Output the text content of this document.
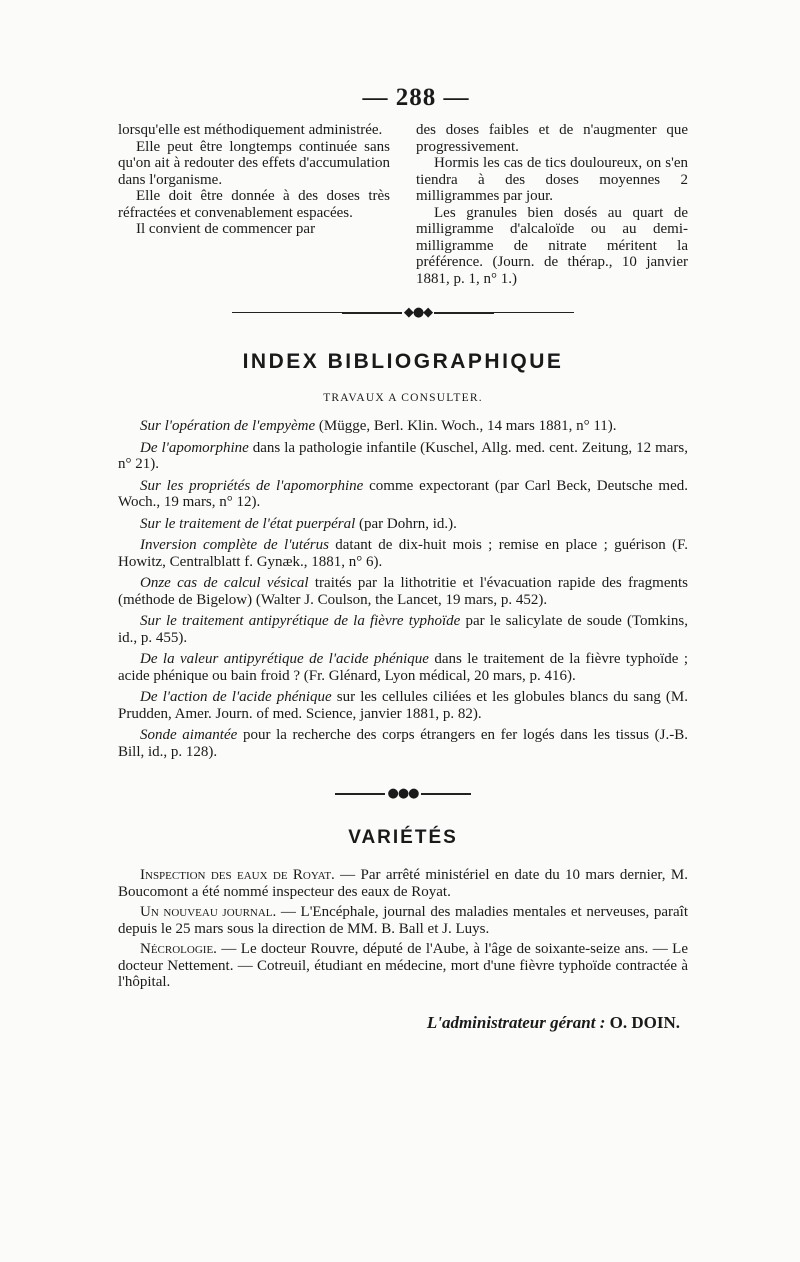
— 288 —

lorsqu'elle est méthodiquement administrée.

Elle peut être longtemps continuée sans qu'on ait à redouter des effets d'accumulation dans l'organisme.

Elle doit être donnée à des doses très réfractées et convenablement espacées.

Il convient de commencer par

des doses faibles et de n'augmenter que progressivement.

Hormis les cas de tics douloureux, on s'en tiendra à des doses moyennes 2 milligrammes par jour.

Les granules bien dosés au quart de milligramme d'alcaloïde ou au demi-milligramme de nitrate méritent la préférence. (Journ. de thérap., 10 janvier 1881, p. 1, n° 1.)

◆●◆
INDEX BIBLIOGRAPHIQUE
TRAVAUX A CONSULTER.

Sur l'opération de l'empyème (Mügge, Berl. Klin. Woch., 14 mars 1881, n° 11).

De l'apomorphine dans la pathologie infantile (Kuschel, Allg. med. cent. Zeitung, 12 mars, n° 21).

Sur les propriétés de l'apomorphine comme expectorant (par Carl Beck, Deutsche med. Woch., 19 mars, n° 12).

Sur le traitement de l'état puerpéral (par Dohrn, id.).

Inversion complète de l'utérus datant de dix-huit mois ; remise en place ; guérison (F. Howitz, Centralblatt f. Gynæk., 1881, n° 6).

Onze cas de calcul vésical traités par la lithotritie et l'évacuation rapide des fragments (méthode de Bigelow) (Walter J. Coulson, the Lancet, 19 mars, p. 452).

Sur le traitement antipyrétique de la fièvre typhoïde par le salicylate de soude (Tomkins, id., p. 455).

De la valeur antipyrétique de l'acide phénique dans le traitement de la fièvre typhoïde ; acide phénique ou bain froid ? (Fr. Glénard, Lyon médical, 20 mars, p. 416).

De l'action de l'acide phénique sur les cellules ciliées et les globules blancs du sang (M. Prudden, Amer. Journ. of med. Science, janvier 1881, p. 82).

Sonde aimantée pour la recherche des corps étrangers en fer logés dans les tissus (J.-B. Bill, id., p. 128).

●●●
VARIÉTÉS

Inspection des eaux de Royat. — Par arrêté ministériel en date du 10 mars dernier, M. Boucomont a été nommé inspecteur des eaux de Royat.

Un nouveau journal. — L'Encéphale, journal des maladies mentales et nerveuses, paraît depuis le 25 mars sous la direction de MM. B. Ball et J. Luys.

Nécrologie. — Le docteur Rouvre, député de l'Aube, à l'âge de soixante-seize ans. — Le docteur Nettement. — Cotreuil, étudiant en médecine, mort d'une fièvre typhoïde contractée à l'hôpital.

L'administrateur gérant : O. DOIN.
